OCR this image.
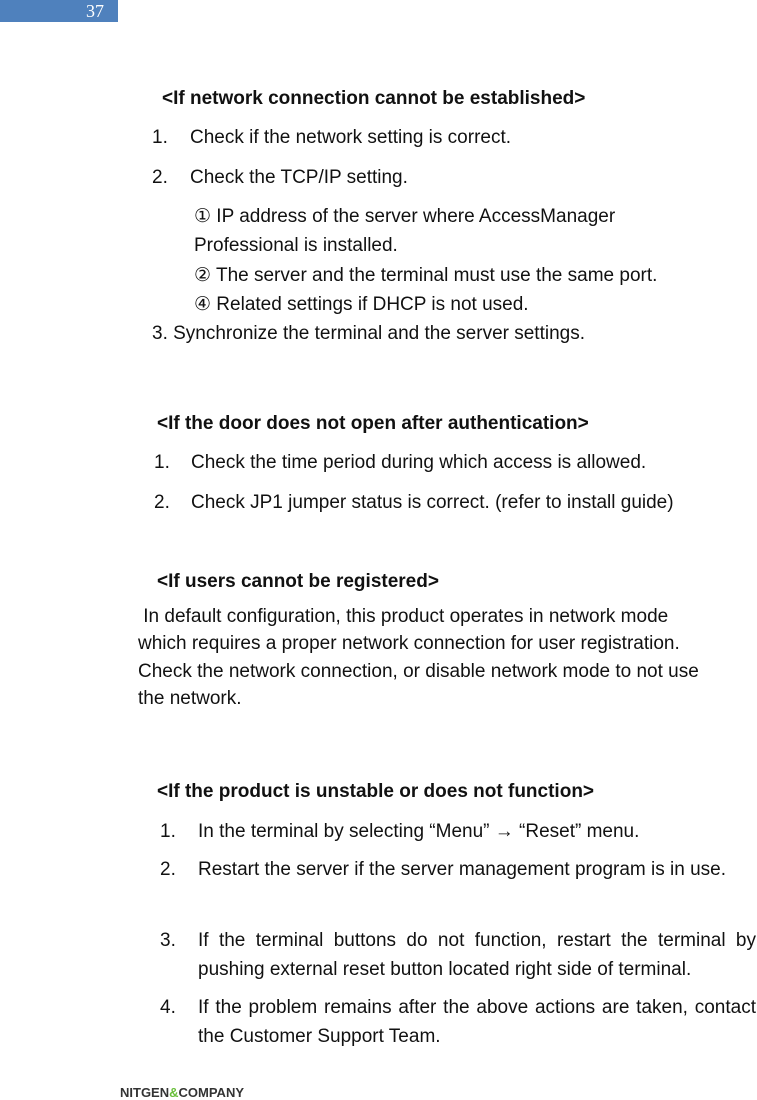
37
<If network connection cannot be established>
1. Check if the network setting is correct.
2. Check the TCP/IP setting.
① IP address of the server where AccessManager
Professional is installed.
② The server and the terminal must use the same port.
④ Related settings if DHCP is not used.
3. Synchronize the terminal and the server settings.
<If the door does not open after authentication>
1. Check the time period during which access is allowed.
2. Check JP1 jumper status is correct. (refer to install guide)
<If users cannot be registered>
In default configuration, this product operates in network mode
which requires a proper network connection for user registration.
Check the network connection, or disable network mode to not use
the network.
<If the product is unstable or does not function>
1. In the terminal by selecting “Menu” → “Reset” menu.
2. Restart the server if the server management program is in use.
3. If the terminal buttons do not function, restart the terminal by pushing external reset button located right side of terminal.
4. If the problem remains after the above actions are taken, contact the Customer Support Team.
NITGEN&COMPANY
